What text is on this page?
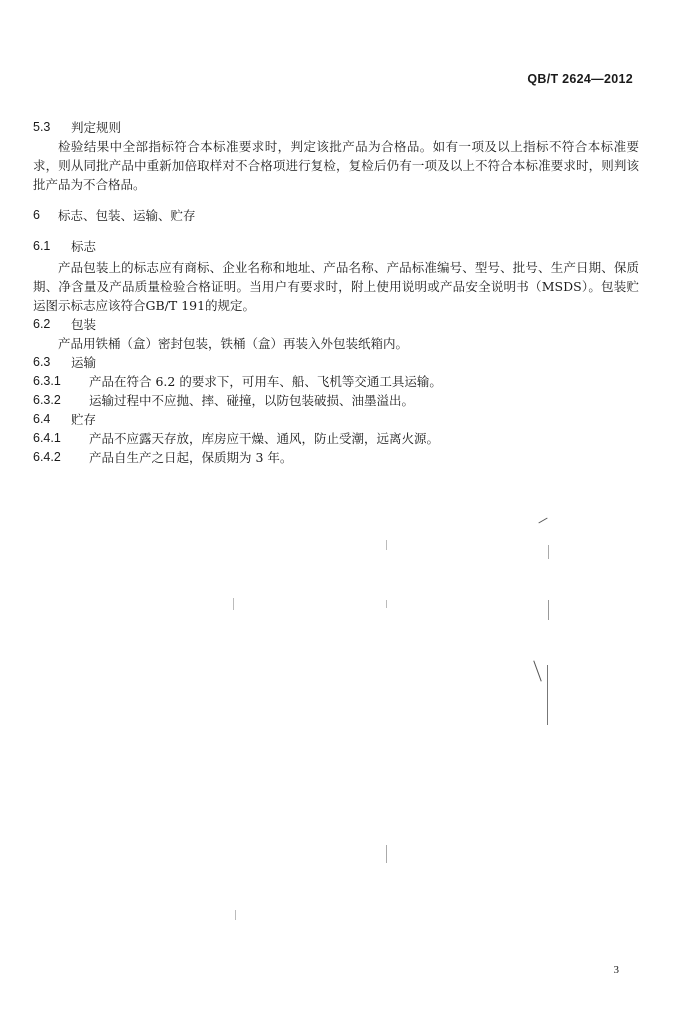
QB/T 2624—2012
5.3	判定规则

检验结果中全部指标符合本标准要求时，判定该批产品为合格品。如有一项及以上指标不符合本标准要求，则从同批产品中重新加倍取样对不合格项进行复检，复检后仍有一项及以上不符合本标准要求时，则判该批产品为不合格品。

6 标志、包装、运输、贮存
6.1	标志

产品包装上的标志应有商标、企业名称和地址、产品名称、产品标准编号、型号、批号、生产日期、保质期、净含量及产品质量检验合格证明。当用户有要求时，附上使用说明或产品安全说明书（MSDS）。包装贮运图示标志应该符合GB/T 191的规定。

6.2	包装

产品用铁桶（盒）密封包装，铁桶（盒）再装入外包装纸箱内。

6.3	运输
6.3.1	产品在符合 6.2 的要求下，可用车、船、飞机等交通工具运输。
6.3.2	运输过程中不应抛、摔、碰撞，以防包装破损、油墨溢出。
6.4	贮存
6.4.1	产品不应露天存放，库房应干燥、通风，防止受潮，远离火源。
6.4.2	产品自生产之日起，保质期为 3 年。
3
